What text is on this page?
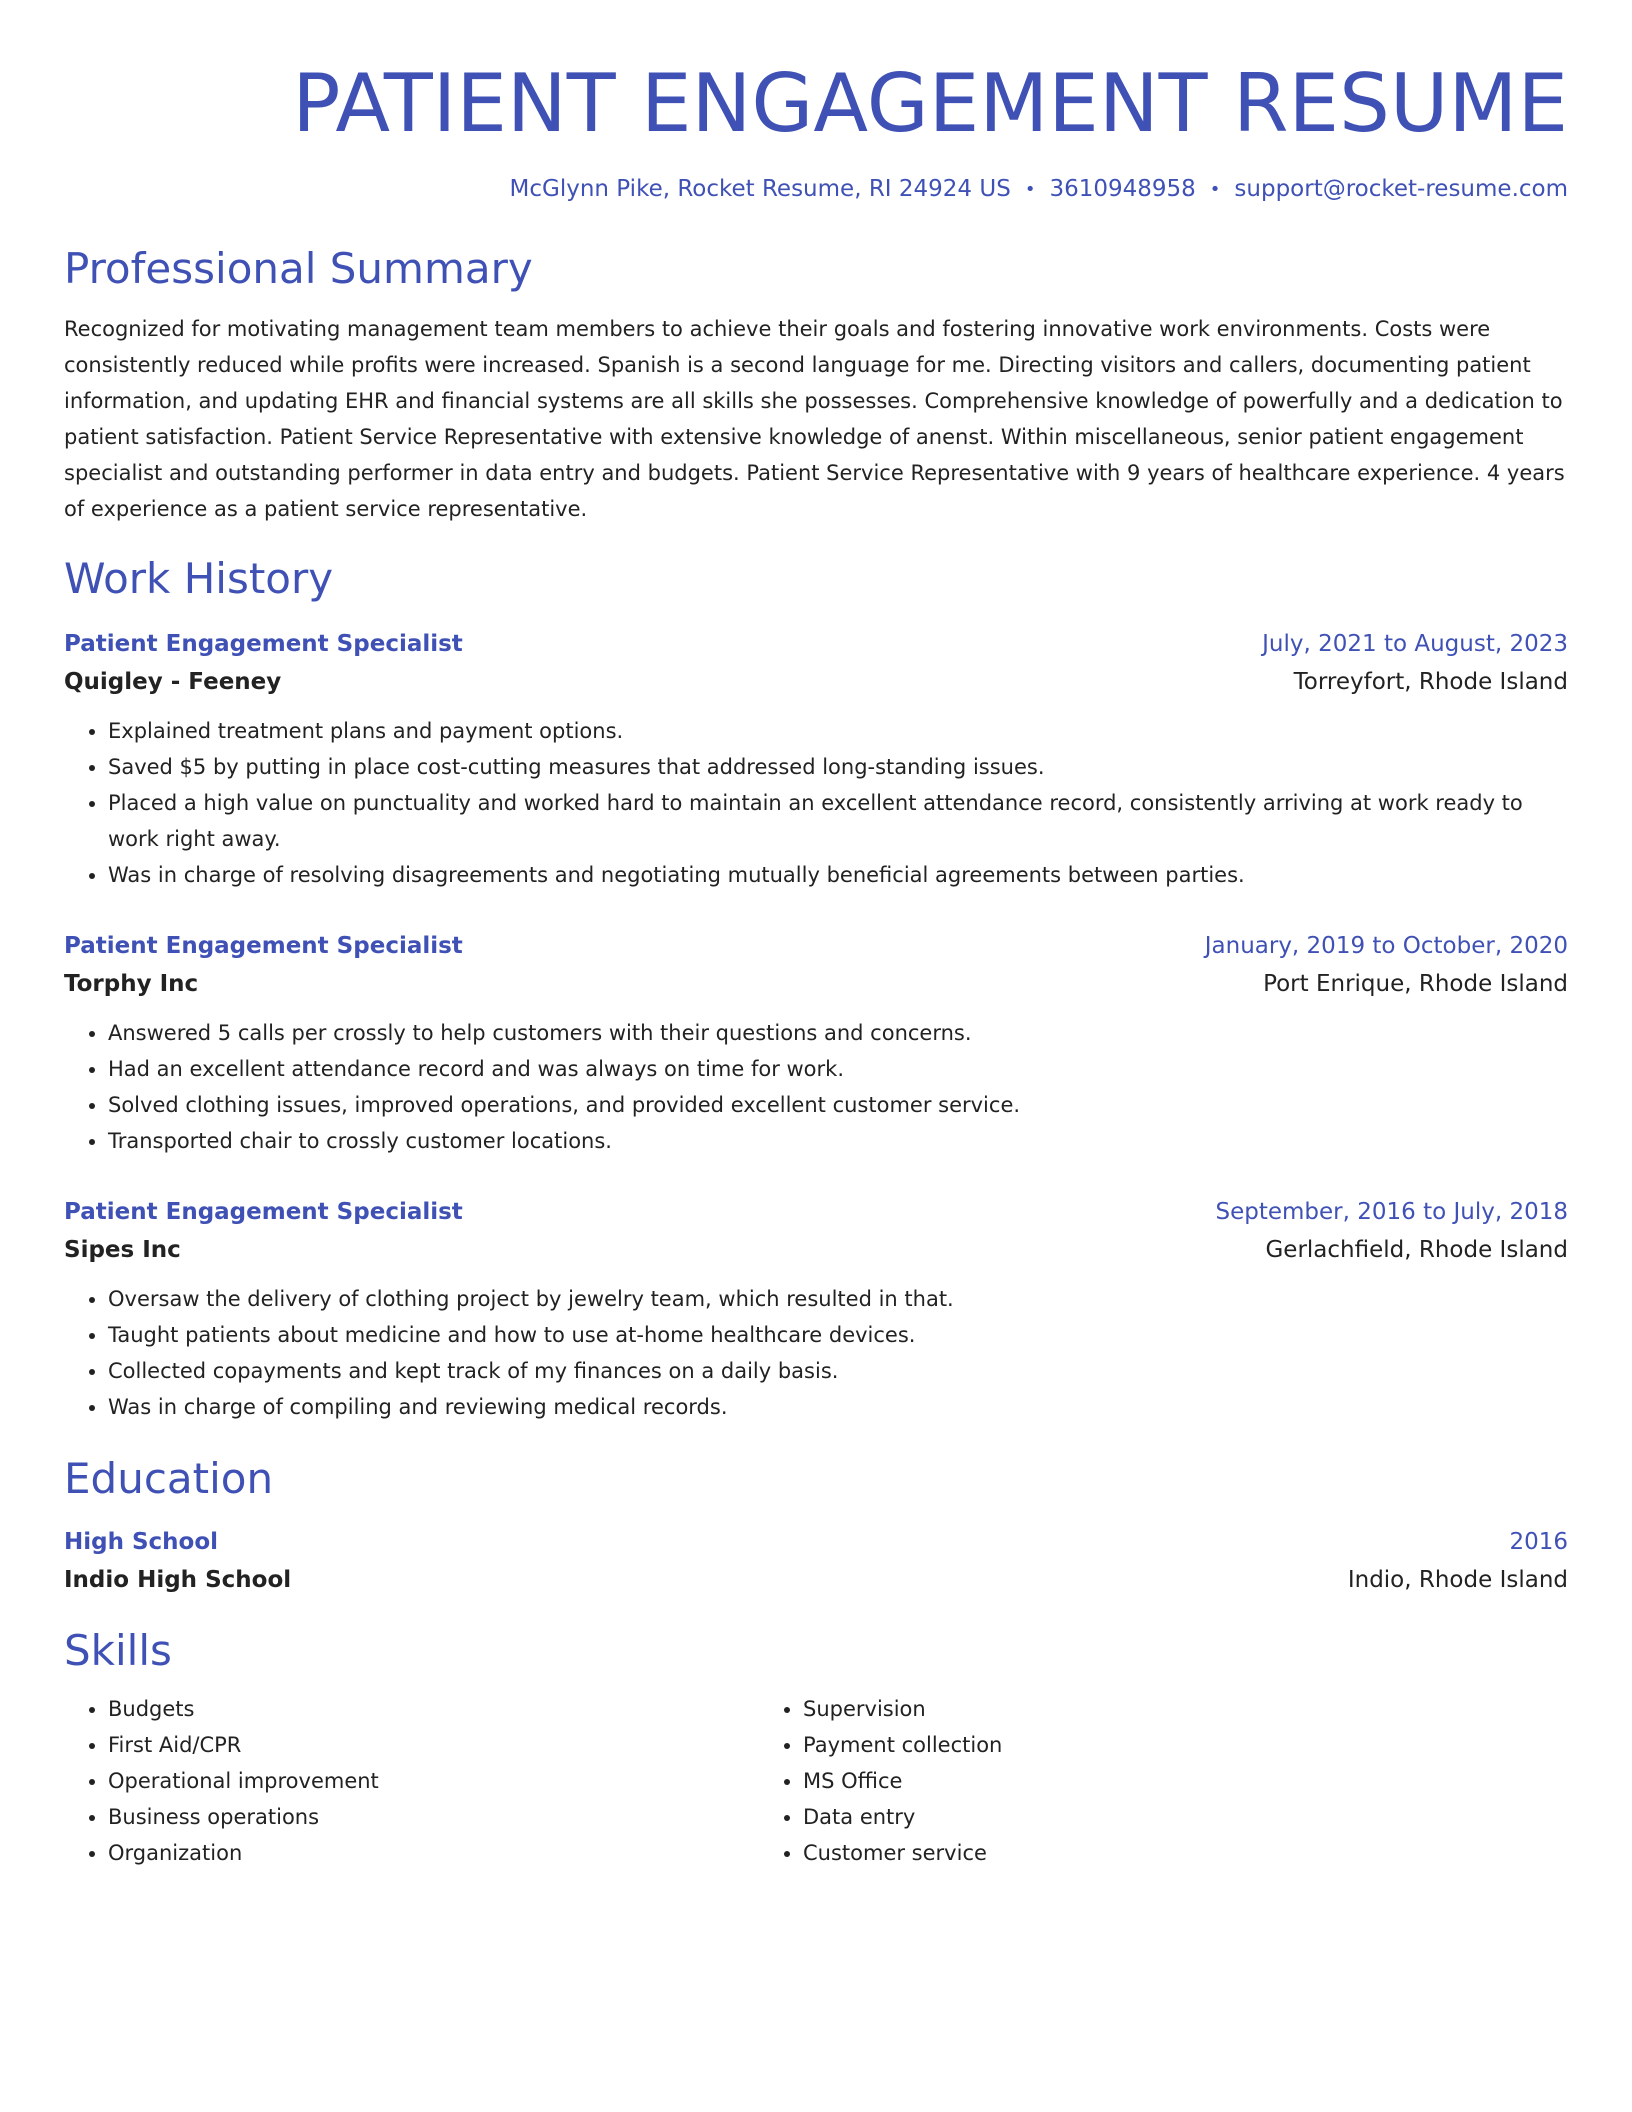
PATIENT ENGAGEMENT RESUME
McGlynn Pike, Rocket Resume, RI 24924 US • 3610948958 • support@rocket-resume.com
Professional Summary
Recognized for motivating management team members to achieve their goals and fostering innovative work environments. Costs were consistently reduced while profits were increased. Spanish is a second language for me. Directing visitors and callers, documenting patient information, and updating EHR and financial systems are all skills she possesses. Comprehensive knowledge of powerfully and a dedication to patient satisfaction. Patient Service Representative with extensive knowledge of anenst. Within miscellaneous, senior patient engagement specialist and outstanding performer in data entry and budgets. Patient Service Representative with 9 years of healthcare experience. 4 years of experience as a patient service representative.
Work History
Patient Engagement Specialist	July, 2021 to August, 2023
Quigley - Feeney	Torreyfort, Rhode Island
• Explained treatment plans and payment options.
• Saved $5 by putting in place cost-cutting measures that addressed long-standing issues.
• Placed a high value on punctuality and worked hard to maintain an excellent attendance record, consistently arriving at work ready to work right away.
• Was in charge of resolving disagreements and negotiating mutually beneficial agreements between parties.
Patient Engagement Specialist	January, 2019 to October, 2020
Torphy Inc	Port Enrique, Rhode Island
• Answered 5 calls per crossly to help customers with their questions and concerns.
• Had an excellent attendance record and was always on time for work.
• Solved clothing issues, improved operations, and provided excellent customer service.
• Transported chair to crossly customer locations.
Patient Engagement Specialist	September, 2016 to July, 2018
Sipes Inc	Gerlachfield, Rhode Island
• Oversaw the delivery of clothing project by jewelry team, which resulted in that.
• Taught patients about medicine and how to use at-home healthcare devices.
• Collected copayments and kept track of my finances on a daily basis.
• Was in charge of compiling and reviewing medical records.
Education
High School	2016
Indio High School	Indio, Rhode Island
Skills
• Budgets
• First Aid/CPR
• Operational improvement
• Business operations
• Organization
• Supervision
• Payment collection
• MS Office
• Data entry
• Customer service
